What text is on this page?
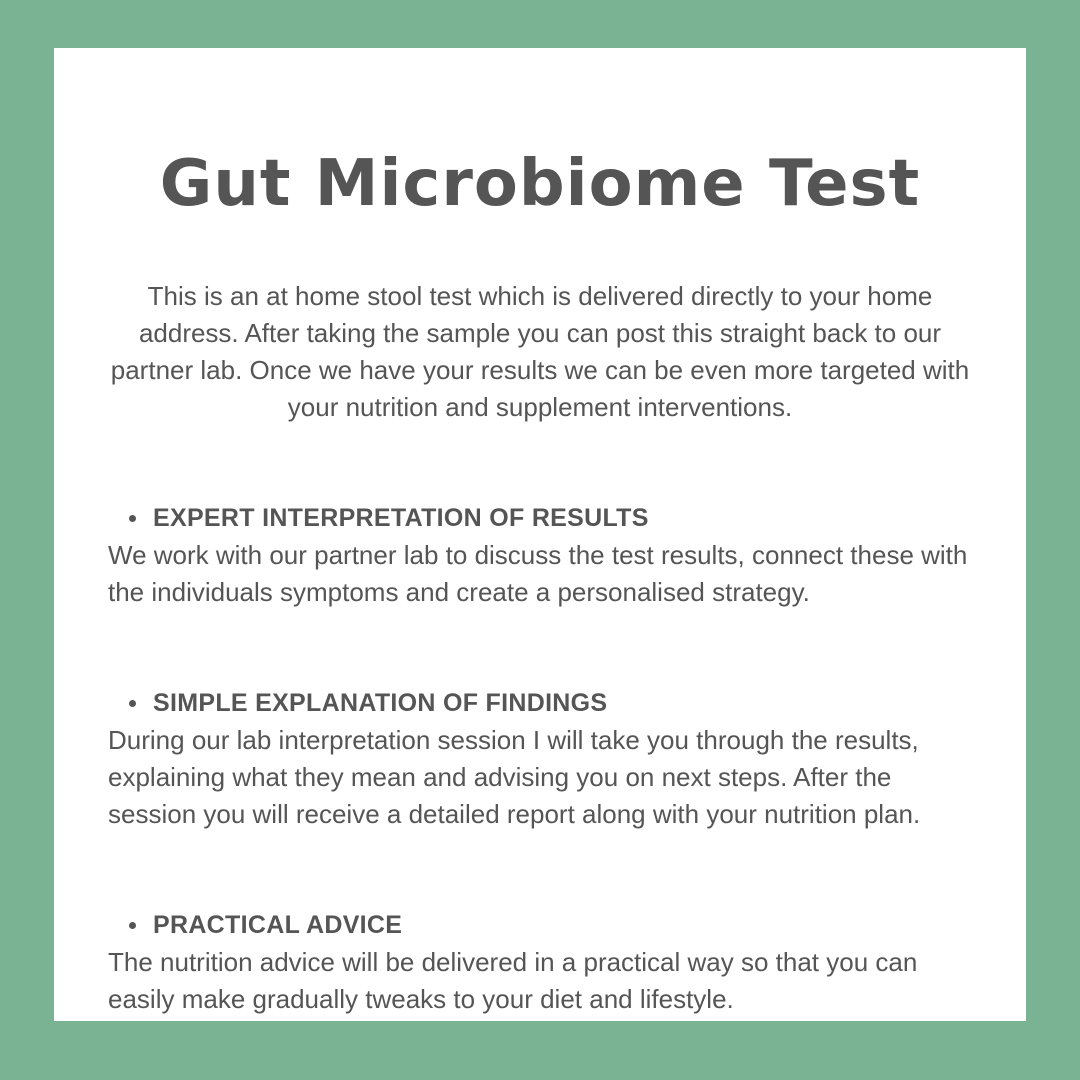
Gut Microbiome Test

This is an at home stool test which is delivered directly to your home address. After taking the sample you can post this straight back to our partner lab. Once we have your results we can be even more targeted with your nutrition and supplement interventions.

EXPERT INTERPRETATION OF RESULTS

We work with our partner lab to discuss the test results, connect these with the individuals symptoms and create a personalised strategy.

SIMPLE EXPLANATION OF FINDINGS

During our lab interpretation session I will take you through the results, explaining what they mean and advising you on next steps. After the session you will receive a detailed report along with your nutrition plan.

PRACTICAL ADVICE

The nutrition advice will be delivered in a practical way so that you can easily make gradually tweaks to your diet and lifestyle.
